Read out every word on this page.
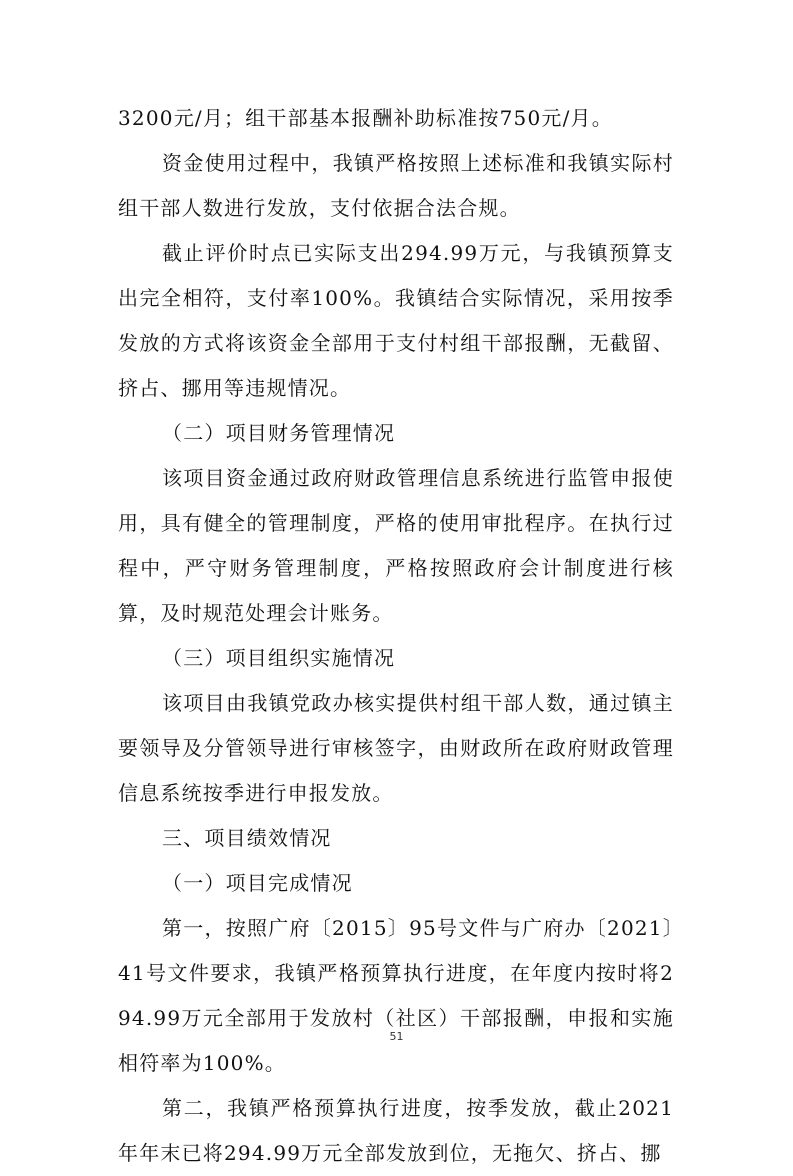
3200元/月；组干部基本报酬补助标准按750元/月。

资金使用过程中，我镇严格按照上述标准和我镇实际村组干部人数进行发放，支付依据合法合规。

截止评价时点已实际支出294.99万元，与我镇预算支出完全相符，支付率100%。我镇结合实际情况，采用按季发放的方式将该资金全部用于支付村组干部报酬，无截留、挤占、挪用等违规情况。

（二）项目财务管理情况

该项目资金通过政府财政管理信息系统进行监管申报使用，具有健全的管理制度，严格的使用审批程序。在执行过程中，严守财务管理制度，严格按照政府会计制度进行核算，及时规范处理会计账务。

（三）项目组织实施情况

该项目由我镇党政办核实提供村组干部人数，通过镇主要领导及分管领导进行审核签字，由财政所在政府财政管理信息系统按季进行申报发放。

三、项目绩效情况

（一）项目完成情况

第一，按照广府〔2015〕95号文件与广府办〔2021〕41号文件要求，我镇严格预算执行进度，在年度内按时将294.99万元全部用于发放村（社区）干部报酬，申报和实施相符率为100%。

第二，我镇严格预算执行进度，按季发放，截止2021年年末已将294.99万元全部发放到位，无拖欠、挤占、挪

51
